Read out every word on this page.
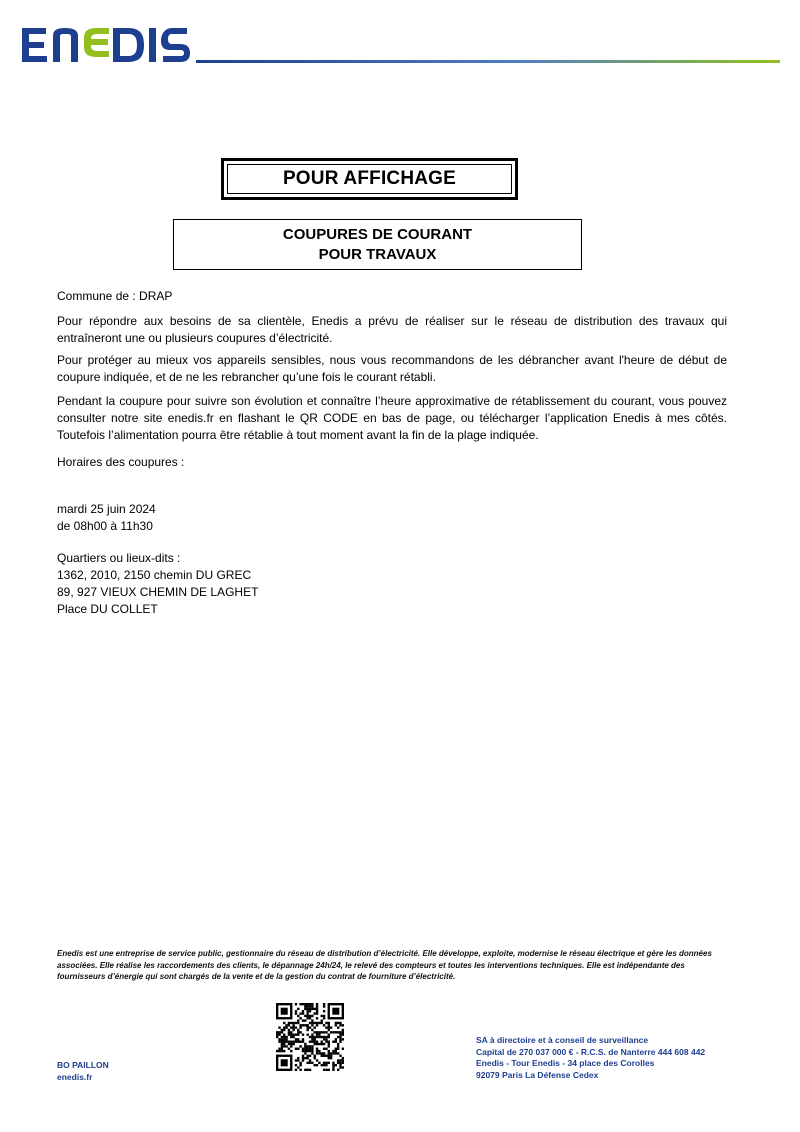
POUR AFFICHAGE
COUPURES DE COURANT
POUR TRAVAUX
Commune de : DRAP
Pour répondre aux besoins de sa clientèle, Enedis a prévu de réaliser sur le réseau de distribution des travaux qui entraîneront une ou plusieurs coupures d’électricité.
Pour protéger au mieux vos appareils sensibles, nous vous recommandons de les débrancher avant l'heure de début de coupure indiquée, et de ne les rebrancher qu’une fois le courant rétabli.
Pendant la coupure pour suivre son évolution et connaître l’heure approximative de rétablissement du courant, vous pouvez consulter notre site enedis.fr en flashant le QR CODE en bas de page, ou télécharger l’application Enedis à mes côtés. Toutefois l’alimentation pourra être rétablie à tout moment avant la fin de la plage indiquée.
Horaires des coupures :
mardi 25 juin 2024
de 08h00 à 11h30
Quartiers ou lieux-dits :
1362, 2010, 2150 chemin DU GREC
89, 927 VIEUX CHEMIN DE LAGHET
Place DU COLLET
Enedis est une entreprise de service public, gestionnaire du réseau de distribution d’électricité. Elle développe, exploite, modernise le réseau électrique et gère les données
associées. Elle réalise les raccordements des clients, le dépannage 24h/24, le relevé des compteurs et toutes les interventions techniques. Elle est indépendante des
fournisseurs d’énergie qui sont chargés de la vente et de la gestion du contrat de fourniture d’électricité.
BO PAILLON
enedis.fr
SA à directoire et à conseil de surveillance
Capital de 270 037 000 € - R.C.S. de Nanterre 444 608 442
Enedis - Tour Enedis - 34 place des Corolles
92079 Paris La Défense Cedex
